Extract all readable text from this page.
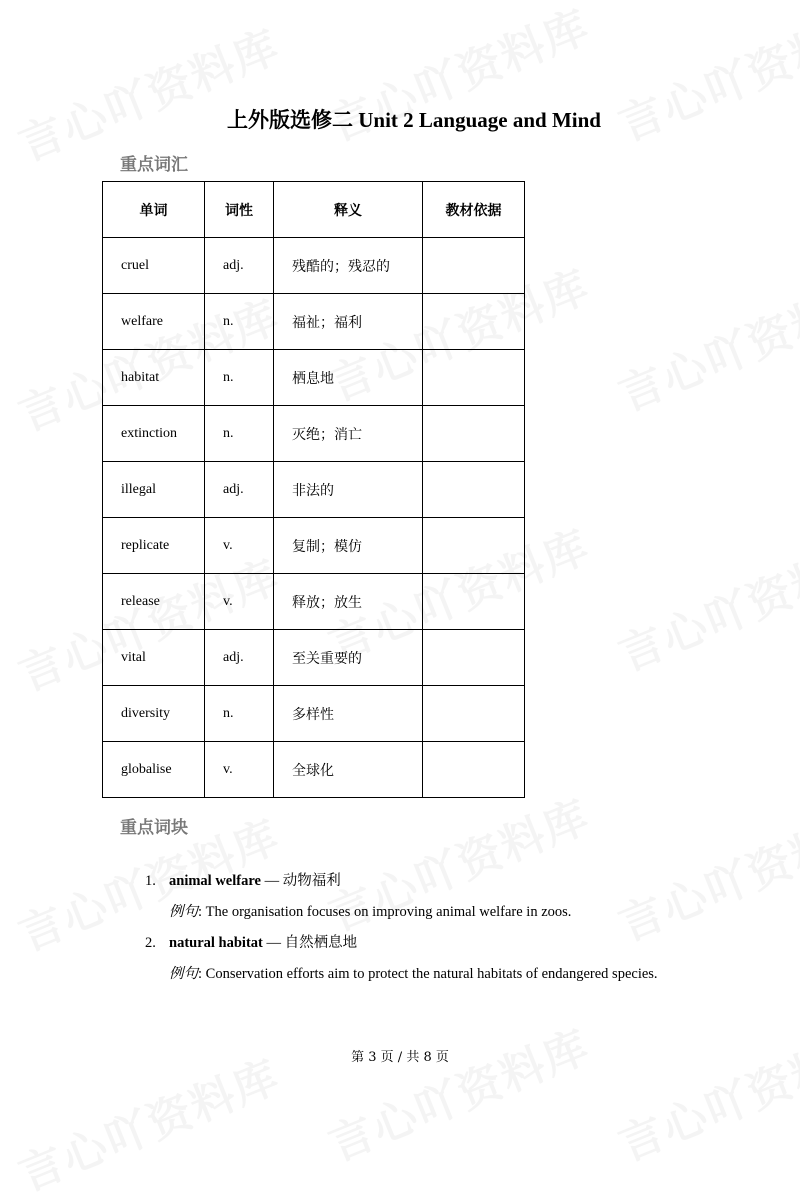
上外版选修二 Unit 2 Language and Mind
重点词汇
单词	词性	释义	教材依据
cruel	adj.	残酷的；残忍的	
welfare	n.	福祉；福利	
habitat	n.	栖息地	
extinction	n.	灭绝；消亡	
illegal	adj.	非法的	
replicate	v.	复制；模仿	
release	v.	释放；放生	
vital	adj.	至关重要的	
diversity	n.	多样性	
globalise	v.	全球化	
重点词块
1. animal welfare — 动物福利
例句: The organisation focuses on improving animal welfare in zoos.
2. natural habitat — 自然栖息地
例句: Conservation efforts aim to protect the natural habitats of endangered species.
第 3 页 / 共 8 页
